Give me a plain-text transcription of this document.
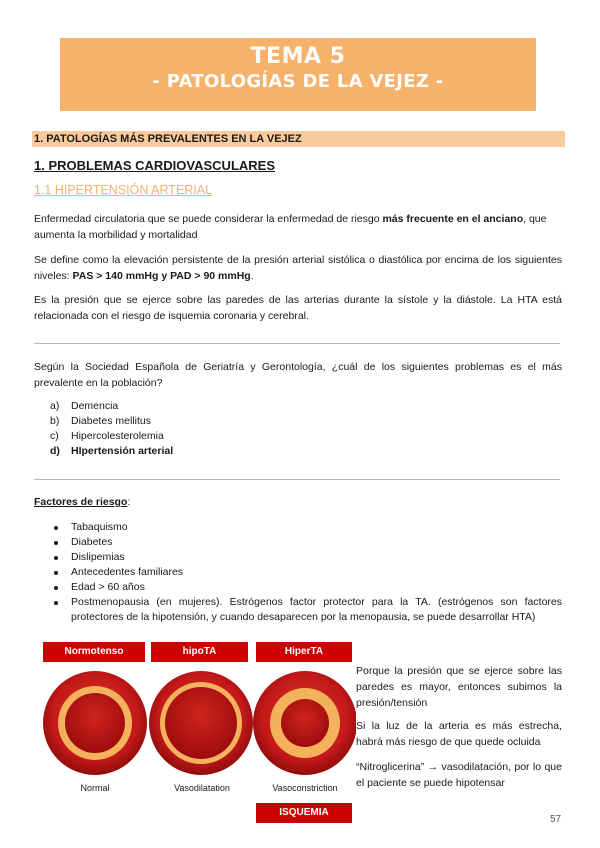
TEMA 5
- PATOLOGÍAS DE LA VEJEZ -
1. PATOLOGÍAS MÁS PREVALENTES EN LA VEJEZ
1. PROBLEMAS CARDIOVASCULARES
1.1 HIPERTENSIÓN ARTERIAL
Enfermedad circulatoria que se puede considerar la enfermedad de riesgo más frecuente en el anciano, que aumenta la morbilidad y mortalidad
Se define como la elevación persistente de la presión arterial sistólica o diastólica por encima de los siguientes niveles: PAS > 140 mmHg y PAD > 90 mmHg.
Es la presión que se ejerce sobre las paredes de las arterias durante la sístole y la diástole. La HTA está relacionada con el riesgo de isquemia coronaria y cerebral.
Según la Sociedad Española de Geriatría y Gerontología, ¿cuál de los siguientes problemas es el más prevalente en la población?
a) Demencia
b) Diabetes mellitus
c) Hipercolesterolemia
d) HIpertensión arterial
Factores de riesgo:
Tabaquismo
Diabetes
Dislipemias
Antecedentes familiares
Edad > 60 años
Postmenopausia (en mujeres). Estrógenos factor protector para la TA. (estrógenos son factores protectores de la hipotensión, y cuando desaparecen por la menopausia, se puede desarrollar HTA)
Normotenso	hipoTA	HiperTA
Normal	Vasodilatation	Vasoconstriction
ISQUEMIA
Porque la presión que se ejerce sobre las paredes es mayor, entonces subimos la presión/tensión
Si la luz de la arteria es más estrecha, habrá más riesgo de que quede ocluida
“Nitroglicerina” → vasodilatación, por lo que el paciente se puede hipotensar
57
